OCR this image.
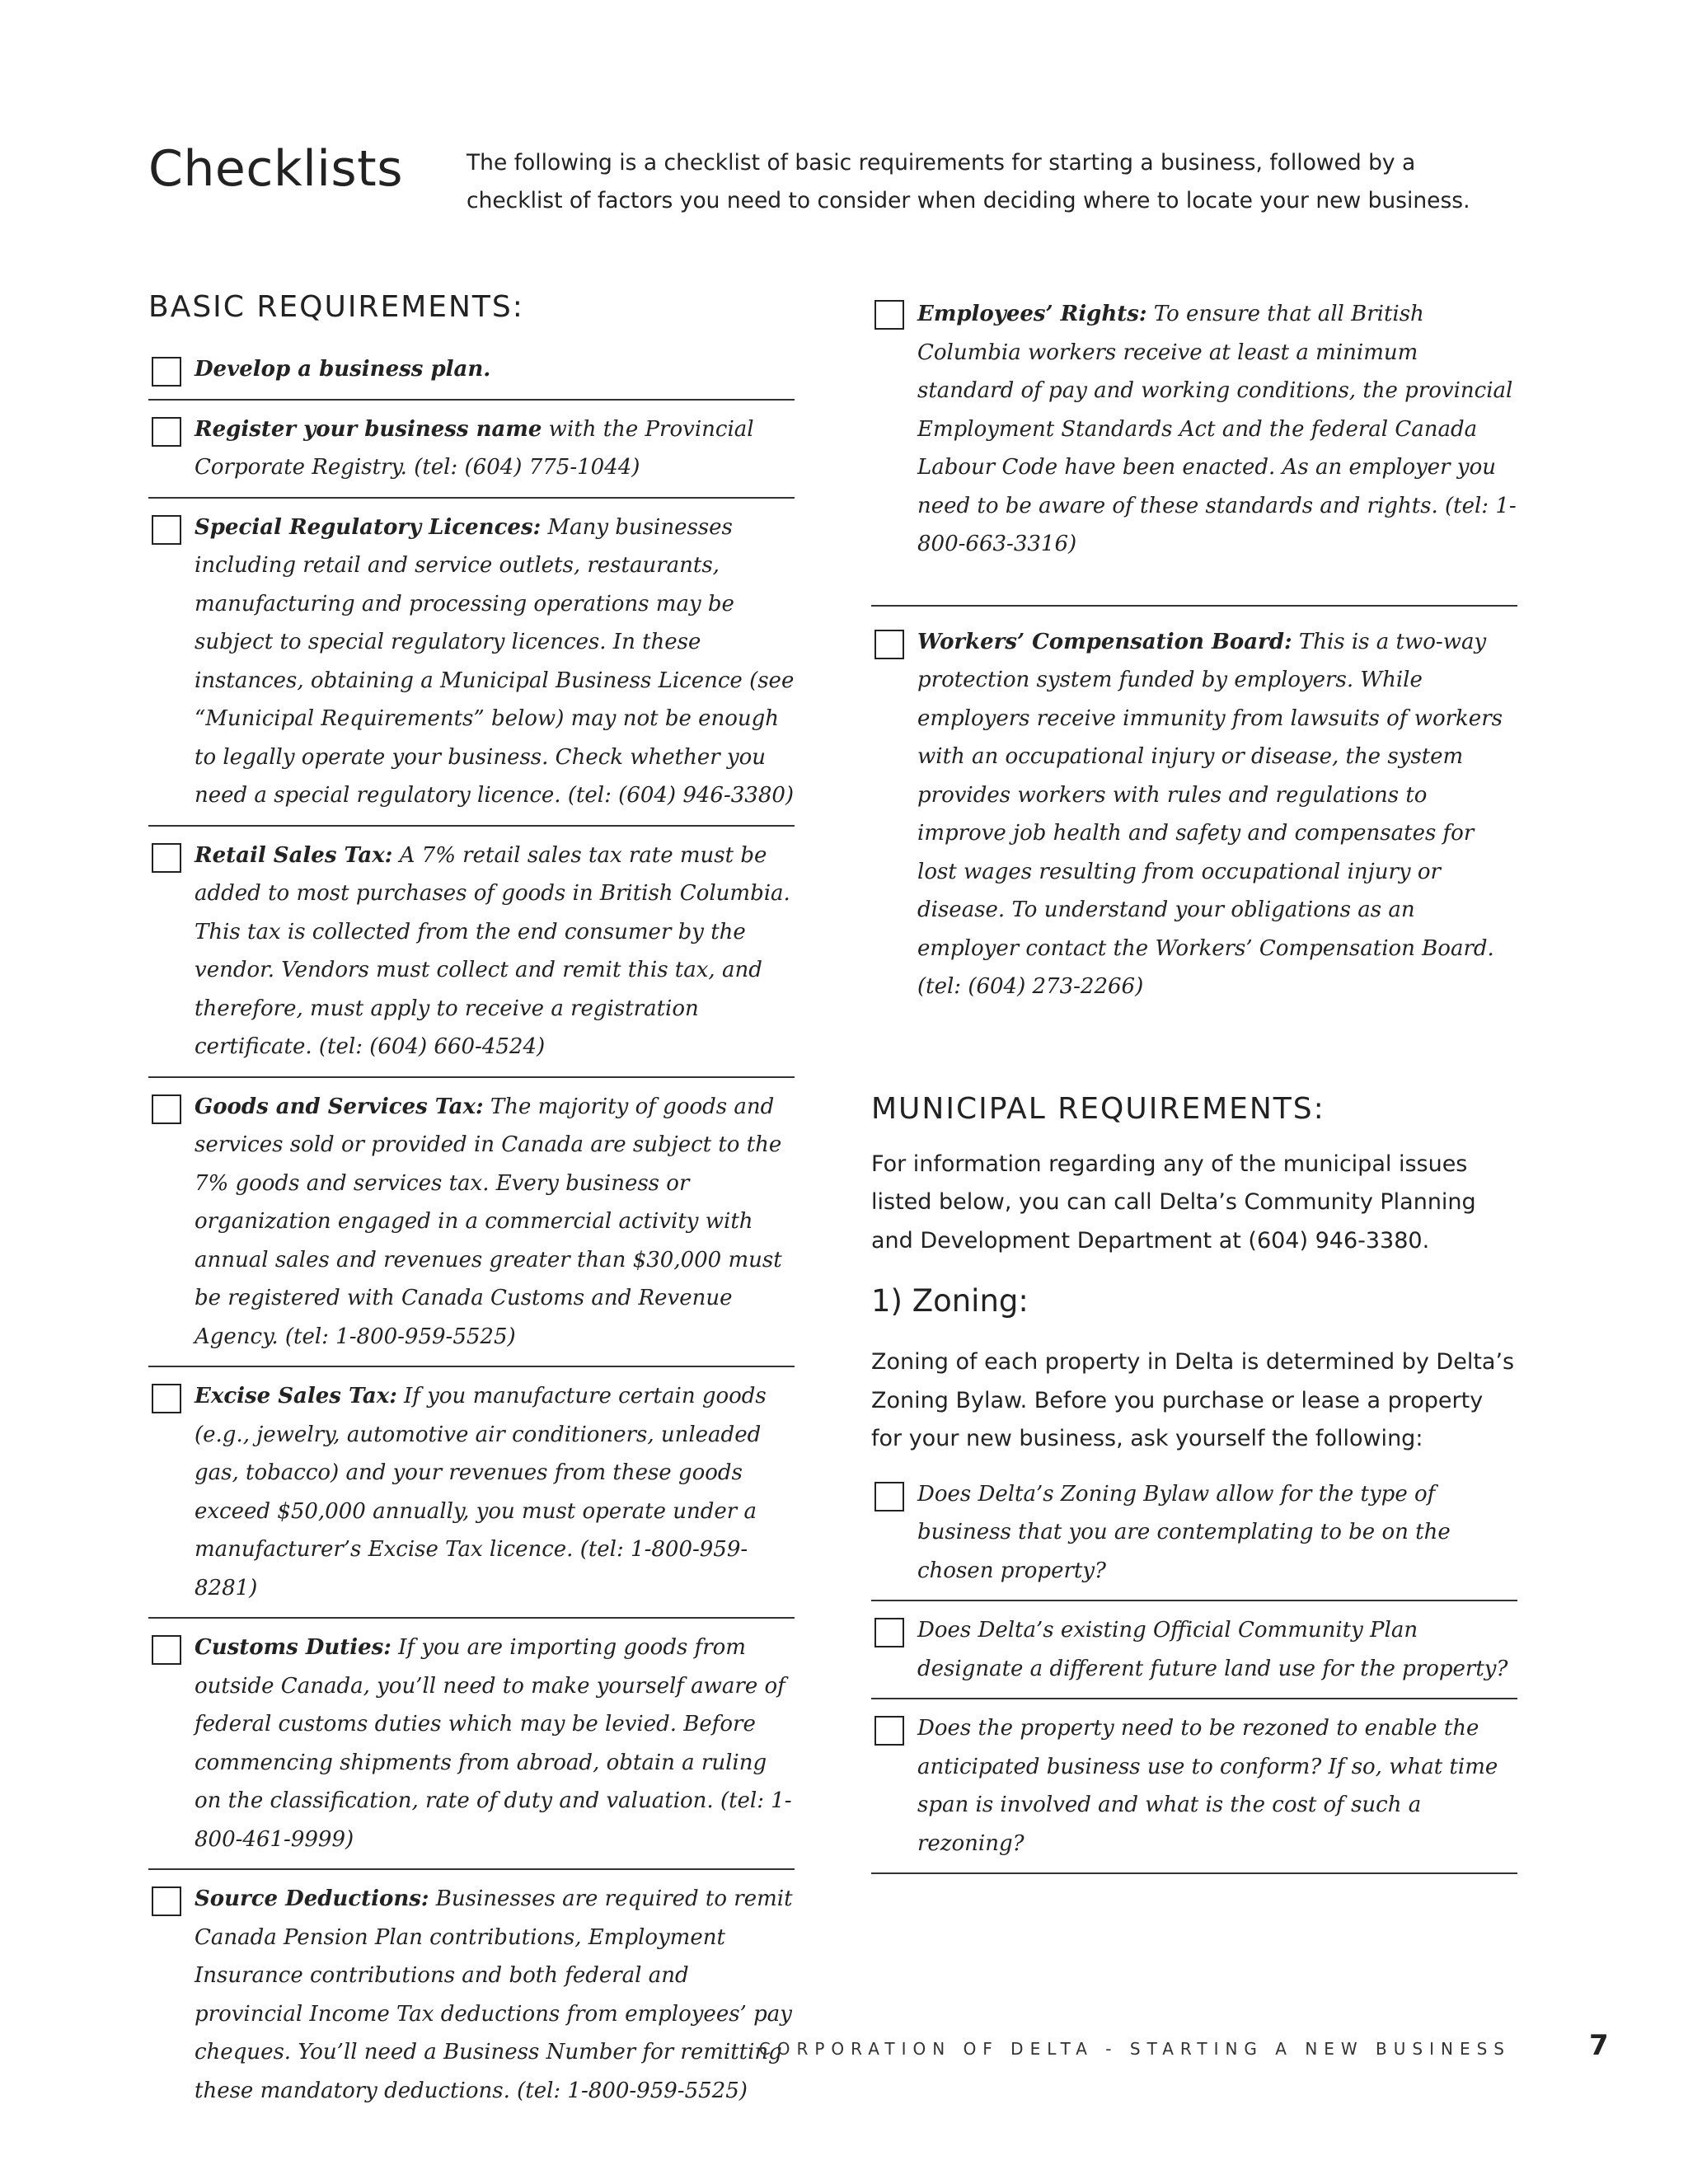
Checklists	The following is a checklist of basic requirements for starting a business, followed by a checklist of factors you need to consider when deciding where to locate your new business.
BASIC REQUIREMENTS:
Develop a business plan.
Register your business name with the Provincial Corporate Registry. (tel: (604) 775-1044)
Special Regulatory Licences: Many businesses including retail and service outlets, restaurants, manufacturing and processing operations may be subject to special regulatory licences. In these instances, obtaining a Municipal Business Licence (see “Municipal Requirements” below) may not be enough to legally operate your business. Check whether you need a special regulatory licence. (tel: (604) 946-3380)
Retail Sales Tax: A 7% retail sales tax rate must be added to most purchases of goods in British Columbia. This tax is collected from the end consumer by the vendor. Vendors must collect and remit this tax, and therefore, must apply to receive a registration certificate. (tel: (604) 660-4524)
Goods and Services Tax: The majority of goods and services sold or provided in Canada are subject to the 7% goods and services tax. Every business or organization engaged in a commercial activity with annual sales and revenues greater than $30,000 must be registered with Canada Customs and Revenue Agency. (tel: 1-800-959-5525)
Excise Sales Tax: If you manufacture certain goods (e.g., jewelry, automotive air conditioners, unleaded gas, tobacco) and your revenues from these goods exceed $50,000 annually, you must operate under a manufacturer’s Excise Tax licence. (tel: 1-800-959-8281)
Customs Duties: If you are importing goods from outside Canada, you’ll need to make yourself aware of federal customs duties which may be levied. Before commencing shipments from abroad, obtain a ruling on the classification, rate of duty and valuation. (tel: 1-800-461-9999)
Source Deductions: Businesses are required to remit Canada Pension Plan contributions, Employment Insurance contributions and both federal and provincial Income Tax deductions from employees’ pay cheques. You’ll need a Business Number for remitting these mandatory deductions. (tel: 1-800-959-5525)
Employees’ Rights: To ensure that all British Columbia workers receive at least a minimum standard of pay and working conditions, the provincial Employment Standards Act and the federal Canada Labour Code have been enacted. As an employer you need to be aware of these standards and rights. (tel: 1-800-663-3316)
Workers’ Compensation Board: This is a two-way protection system funded by employers. While employers receive immunity from lawsuits of workers with an occupational injury or disease, the system provides workers with rules and regulations to improve job health and safety and compensates for lost wages resulting from occupational injury or disease. To understand your obligations as an employer contact the Workers’ Compensation Board. (tel: (604) 273-2266)
MUNICIPAL REQUIREMENTS:
For information regarding any of the municipal issues listed below, you can call Delta’s Community Planning and Development Department at (604) 946-3380.
1) Zoning:
Zoning of each property in Delta is determined by Delta’s Zoning Bylaw. Before you purchase or lease a property for your new business, ask yourself the following:
Does Delta’s Zoning Bylaw allow for the type of business that you are contemplating to be on the chosen property?
Does Delta’s existing Official Community Plan designate a different future land use for the property?
Does the property need to be rezoned to enable the anticipated business use to conform? If so, what time span is involved and what is the cost of such a rezoning?
CORPORATION OF DELTA - STARTING A NEW BUSINESS	7
